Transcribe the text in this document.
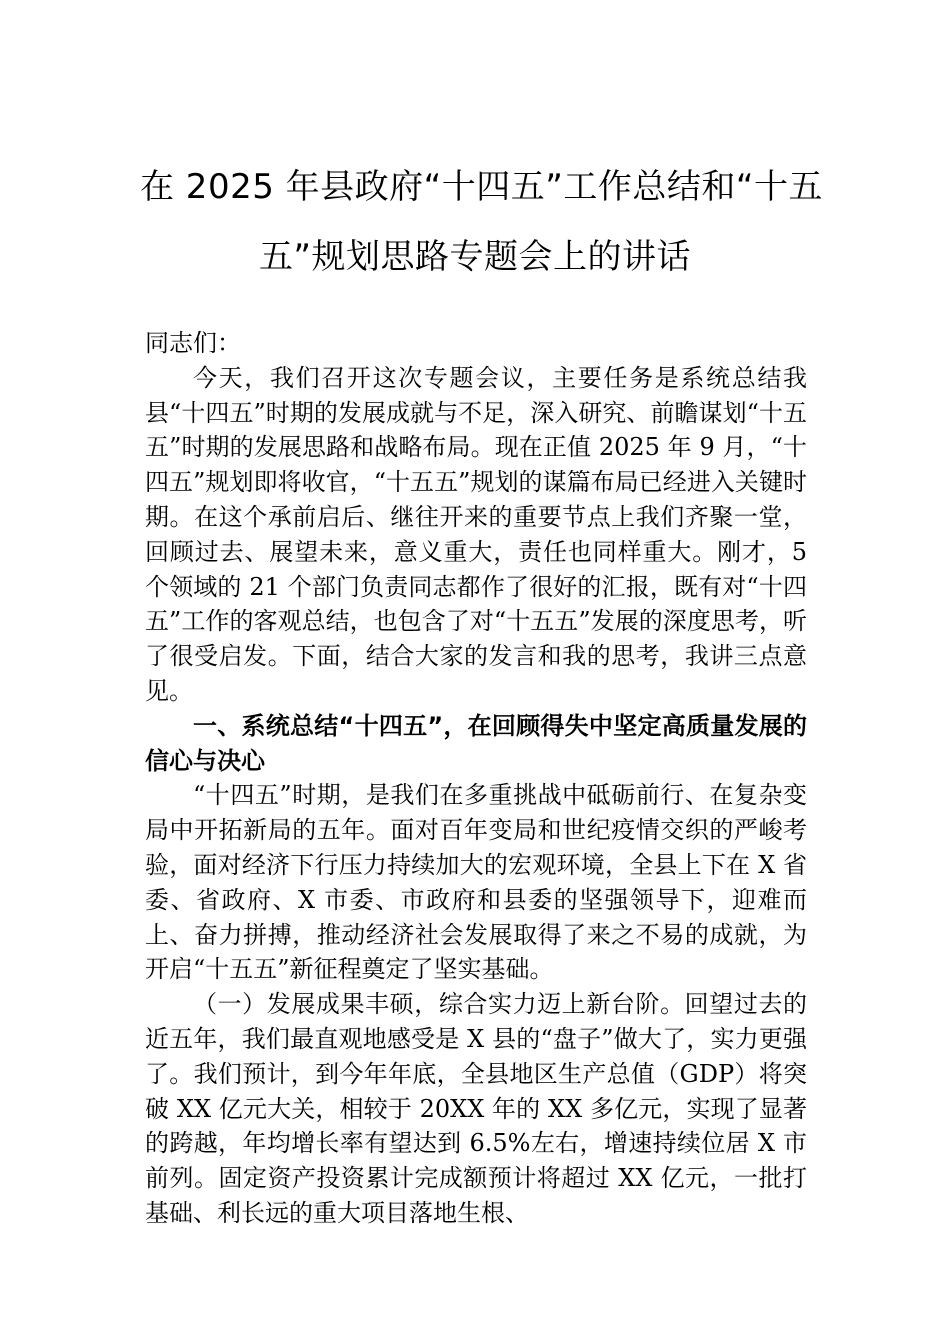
在 2025 年县政府“十四五”工作总结和“十五
五”规划思路专题会上的讲话

同志们：

今天，我们召开这次专题会议，主要任务是系统总结我县“十四五”时期的发展成就与不足，深入研究、前瞻谋划“十五五”时期的发展思路和战略布局。现在正值 2025 年 9 月，“十四五”规划即将收官，“十五五”规划的谋篇布局已经进入关键时期。在这个承前启后、继往开来的重要节点上我们齐聚一堂，回顾过去、展望未来，意义重大，责任也同样重大。刚才，5 个领域的 21 个部门负责同志都作了很好的汇报，既有对“十四五”工作的客观总结，也包含了对“十五五”发展的深度思考，听了很受启发。下面，结合大家的发言和我的思考，我讲三点意见。

一、系统总结“十四五”，在回顾得失中坚定高质量发展的信心与决心

“十四五”时期，是我们在多重挑战中砥砺前行、在复杂变局中开拓新局的五年。面对百年变局和世纪疫情交织的严峻考验，面对经济下行压力持续加大的宏观环境，全县上下在 X 省委、省政府、X 市委、市政府和县委的坚强领导下，迎难而上、奋力拼搏，推动经济社会发展取得了来之不易的成就，为开启“十五五”新征程奠定了坚实基础。

（一）发展成果丰硕，综合实力迈上新台阶。回望过去的近五年，我们最直观地感受是 X 县的“盘子”做大了，实力更强了。我们预计，到今年年底，全县地区生产总值（GDP）将突破 XX 亿元大关，相较于 20XX 年的 XX 多亿元，实现了显著的跨越，年均增长率有望达到 6.5%左右，增速持续位居 X 市前列。固定资产投资累计完成额预计将超过 XX 亿元，一批打基础、利长远的重大项目落地生根、
